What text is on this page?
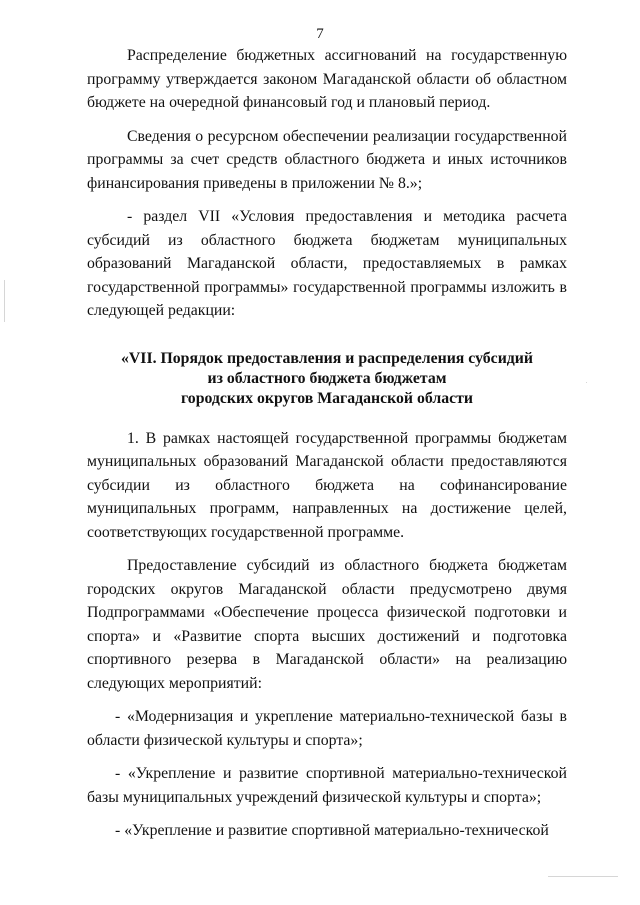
7

Распределение бюджетных ассигнований на государственную программу утверждается законом Магаданской области об областном бюджете на очередной финансовый год и плановый период.

Сведения о ресурсном обеспечении реализации государственной программы за счет средств областного бюджета и иных источников финансирования приведены в приложении № 8.»;

- раздел VII «Условия предоставления и методика расчета субсидий из областного бюджета бюджетам муниципальных образований Магаданской области, предоставляемых в рамках государственной программы» государственной программы изложить в следующей редакции:

«VII. Порядок предоставления и распределения субсидий
из областного бюджета бюджетам
городских округов Магаданской области

1. В рамках настоящей государственной программы бюджетам муниципальных образований Магаданской области предоставляются субсидии из областного бюджета на софинансирование муниципальных программ, направленных на достижение целей, соответствующих государственной программе.

Предоставление субсидий из областного бюджета бюджетам городских округов Магаданской области предусмотрено двумя Подпрограммами «Обеспечение процесса физической подготовки и спорта» и «Развитие спорта высших достижений и подготовка спортивного резерва в Магаданской области» на реализацию следующих мероприятий:

- «Модернизация и укрепление материально-технической базы в области физической культуры и спорта»;

- «Укрепление и развитие спортивной материально-технической базы муниципальных учреждений физической культуры и спорта»;

- «Укрепление и развитие спортивной материально-технической
